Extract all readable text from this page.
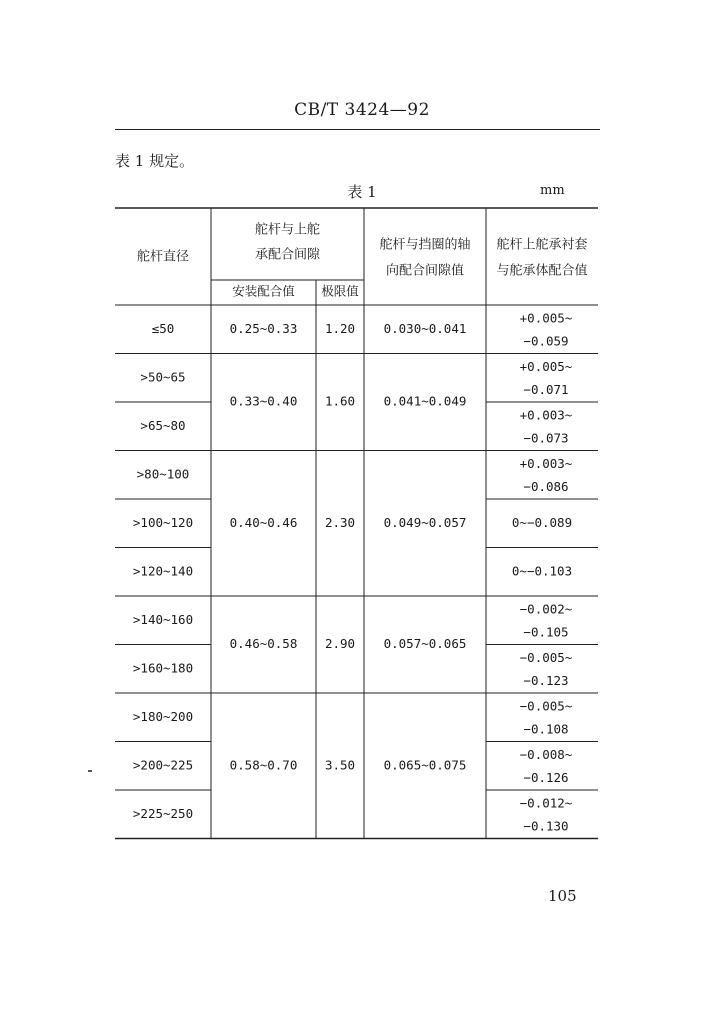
CB/T 3424—92
表 1 规定。
表 1	mm
舵杆直径
舵杆与上舵
承配合间隙
安装配合值 极限值
舵杆与挡圈的轴
向配合间隙值
舵杆上舵承衬套
与舵承体配合值
≤50
>50~65
>65~80
>80~100
>100~120
>120~140
>140~160
>160~180
>180~200
>200~225
>225~250
0.25~0.33 1.20 0.030~0.041
0.33~0.40 1.60 0.041~0.049
0.40~0.46 2.30 0.049~0.057
0.46~0.58 2.90 0.057~0.065
0.58~0.70 3.50 0.065~0.075
+0.005~
−0.059
+0.005~
−0.071
+0.003~
−0.073
+0.003~
−0.086
0~−0.089
0~−0.103
−0.002~
−0.105
−0.005~
−0.123
−0.005~
−0.108
−0.008~
−0.126
−0.012~
−0.130
105
